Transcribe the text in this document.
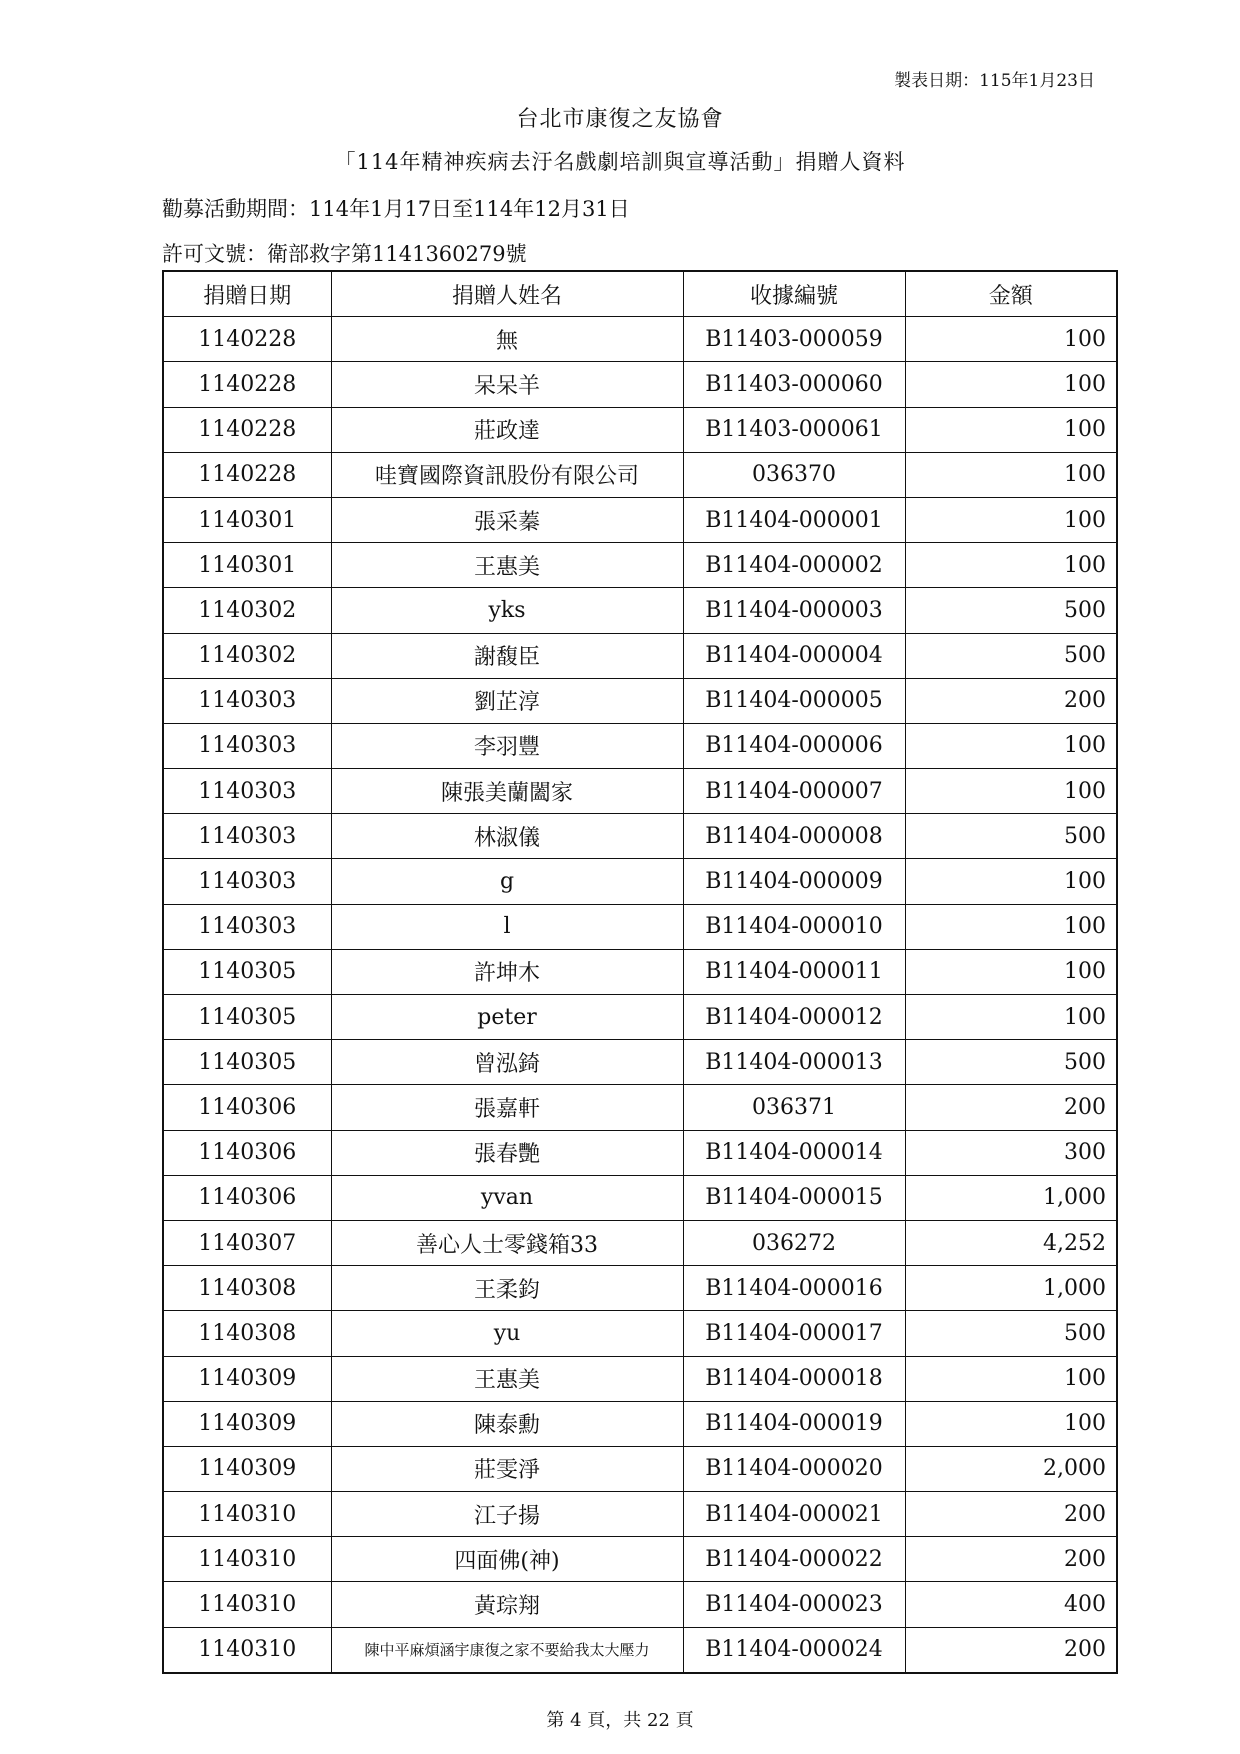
製表日期：115年1月23日
台北市康復之友協會
「114年精神疾病去汙名戲劇培訓與宣導活動」捐贈人資料
勸募活動期間：114年1月17日至114年12月31日
許可文號：衛部救字第1141360279號
捐贈日期	捐贈人姓名	收據編號	金額
1140228	無	B11403-000059	100
1140228	呆呆羊	B11403-000060	100
1140228	莊政達	B11403-000061	100
1140228	哇寶國際資訊股份有限公司	036370	100
1140301	張采蓁	B11404-000001	100
1140301	王惠美	B11404-000002	100
1140302	yks	B11404-000003	500
1140302	謝馥臣	B11404-000004	500
1140303	劉芷淳	B11404-000005	200
1140303	李羽豐	B11404-000006	100
1140303	陳張美蘭闔家	B11404-000007	100
1140303	林淑儀	B11404-000008	500
1140303	g	B11404-000009	100
1140303	l	B11404-000010	100
1140305	許坤木	B11404-000011	100
1140305	peter	B11404-000012	100
1140305	曾泓錡	B11404-000013	500
1140306	張嘉軒	036371	200
1140306	張春艷	B11404-000014	300
1140306	yvan	B11404-000015	1,000
1140307	善心人士零錢箱33	036272	4,252
1140308	王柔鈞	B11404-000016	1,000
1140308	yu	B11404-000017	500
1140309	王惠美	B11404-000018	100
1140309	陳泰勳	B11404-000019	100
1140309	莊雯淨	B11404-000020	2,000
1140310	江子揚	B11404-000021	200
1140310	四面佛(神)	B11404-000022	200
1140310	黃琮翔	B11404-000023	400
1140310	陳中平麻煩涵宇康復之家不要給我太大壓力	B11404-000024	200
第 4 頁，共 22 頁
